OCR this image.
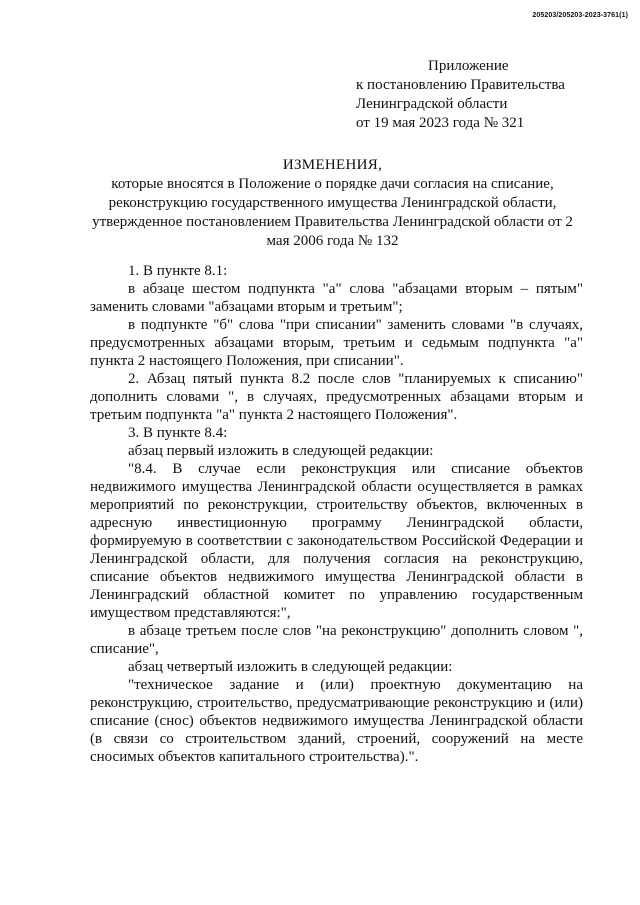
205203/205203-2023-3761(1)
Приложение
к постановлению Правительства
Ленинградской области
от 19 мая 2023 года № 321
ИЗМЕНЕНИЯ,
которые вносятся в Положение о порядке дачи согласия на списание, реконструкцию государственного имущества Ленинградской области, утвержденное постановлением Правительства Ленинградской области от 2 мая 2006 года № 132

1. В пункте 8.1:

в абзаце шестом подпункта "а" слова "абзацами вторым – пятым" заменить словами "абзацами вторым и третьим";

в подпункте "б" слова "при списании" заменить словами "в случаях, предусмотренных абзацами вторым, третьим и седьмым подпункта "а" пункта 2 настоящего Положения, при списании".

2. Абзац пятый пункта 8.2 после слов "планируемых к списанию" дополнить словами ", в случаях, предусмотренных абзацами вторым и третьим подпункта "а" пункта 2 настоящего Положения".

3. В пункте 8.4:

абзац первый изложить в следующей редакции:

"8.4. В случае если реконструкция или списание объектов недвижимого имущества Ленинградской области осуществляется в рамках мероприятий по реконструкции, строительству объектов, включенных в адресную инвестиционную программу Ленинградской области, формируемую в соответствии с законодательством Российской Федерации и Ленинградской области, для получения согласия на реконструкцию, списание объектов недвижимого имущества Ленинградской области в Ленинградский областной комитет по управлению государственным имуществом представляются:",

в абзаце третьем после слов "на реконструкцию" дополнить словом ", списание",

абзац четвертый изложить в следующей редакции:

"техническое задание и (или) проектную документацию на реконструкцию, строительство, предусматривающие реконструкцию и (или) списание (снос) объектов недвижимого имущества Ленинградской области (в связи со строительством зданий, строений, сооружений на месте сносимых объектов капитального строительства).".
